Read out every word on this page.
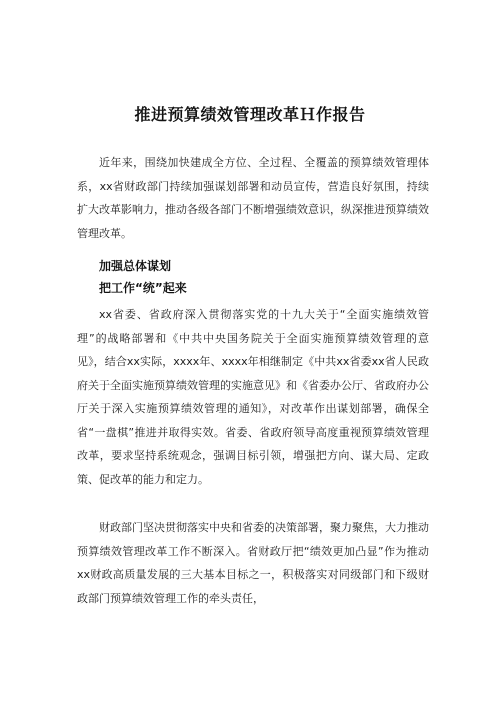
推进预算绩效管理改革Ｈ作报告

近年来，围绕加快建成全方位、全过程、全覆盖的预算绩效管理体系，xx省财政部门持续加强谋划部署和动员宣传，营造良好氛围，持续扩大改革影响力，推动各级各部门不断增强绩效意识，纵深推进预算绩效管理改革。

加强总体谋划

把工作“统”起来

xx省委、省政府深入贯彻落实党的十九大关于“全面实施绩效管理”的战略部署和《中共中央国务院关于全面实施预算绩效管理的意见》，结合xx实际，xxxx年、xxxx年相继制定《中共xx省委xx省人民政府关于全面实施预算绩效管理的实施意见》和《省委办公厅、省政府办公厅关于深入实施预算绩效管理的通知》，对改革作出谋划部署，确保全省“一盘棋”推进并取得实效。省委、省政府领导高度重视预算绩效管理改革，要求坚持系统观念，强调目标引领，增强把方向、谋大局、定政策、促改革的能力和定力。

财政部门坚决贯彻落实中央和省委的决策部署，聚力聚焦，大力推动预算绩效管理改革工作不断深入。省财政厅把“绩效更加凸显”作为推动xx财政高质量发展的三大基本目标之一，积极落实对同级部门和下级财政部门预算绩效管理工作的牵头责任，
